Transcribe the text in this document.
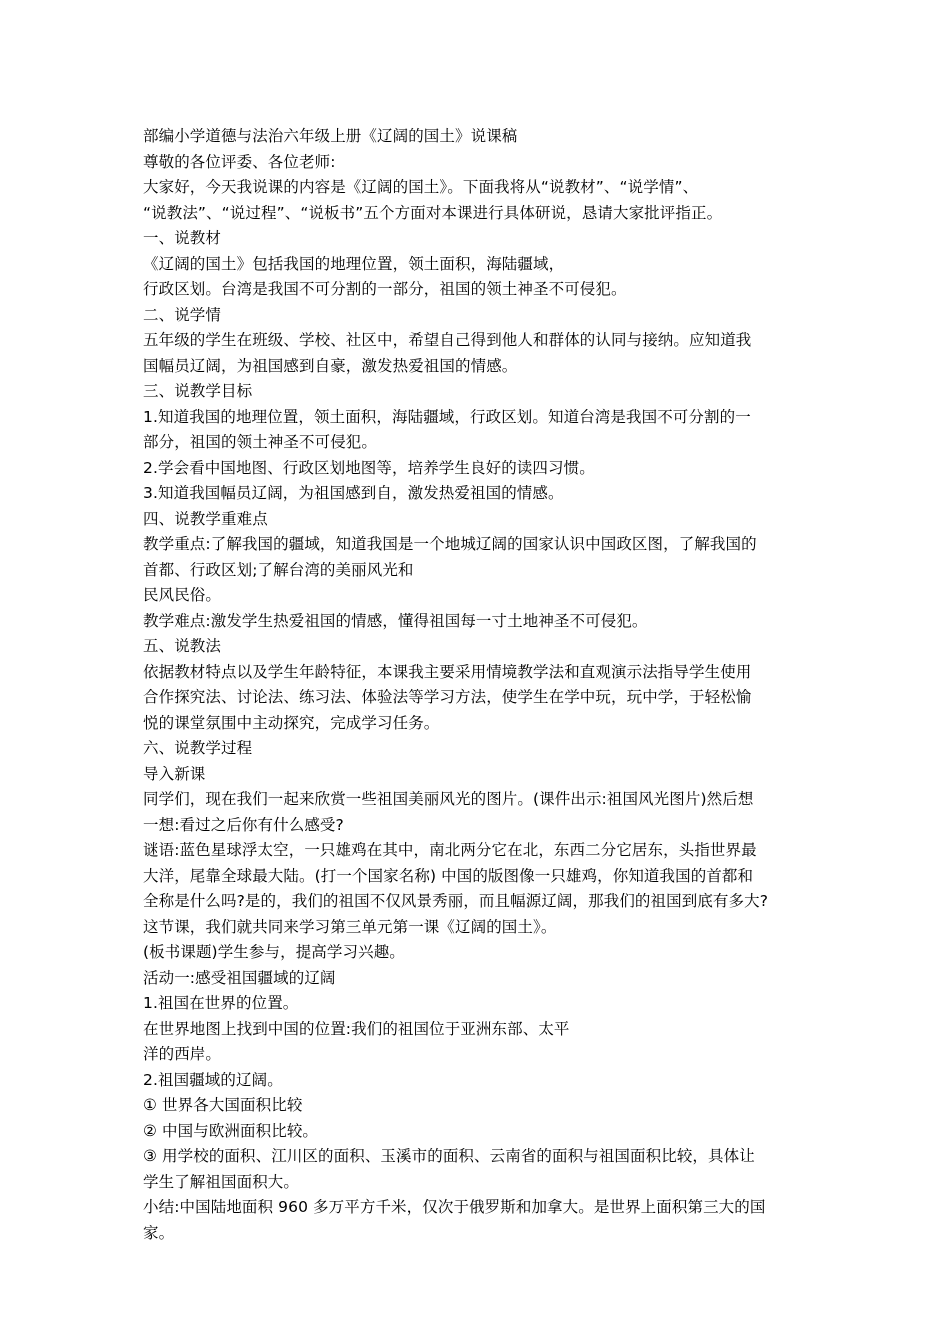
部编小学道德与法治六年级上册《辽阔的国土》说课稿
尊敬的各位评委、各位老师:
大家好，今天我说课的内容是《辽阔的国土》。下面我将从“说教材”、“说学情”、
“说教法”、“说过程”、“说板书”五个方面对本课进行具体研说，恳请大家批评指正。
一、说教材
《辽阔的国土》包括我国的地理位置，领土面积，海陆疆域，
行政区划。台湾是我国不可分割的一部分，祖国的领土神圣不可侵犯。
二、说学情
五年级的学生在班级、学校、社区中，希望自己得到他人和群体的认同与接纳。应知道我
国幅员辽阔，为祖国感到自豪，激发热爱祖国的情感。
三、说教学目标
1.知道我国的地理位置，领土面积，海陆疆域，行政区划。知道台湾是我国不可分割的一
部分，祖国的领土神圣不可侵犯。
2.学会看中国地图、行政区划地图等，培养学生良好的读四习惯。
3.知道我国幅员辽阔，为祖国感到自，激发热爱祖国的情感。
四、说教学重难点
教学重点:了解我国的疆域，知道我国是一个地城辽阔的国家认识中国政区图，了解我国的
首都、行政区划;了解台湾的美丽风光和
民风民俗。
教学难点:激发学生热爱祖国的情感，懂得祖国每一寸土地神圣不可侵犯。
五、说教法
依据教材特点以及学生年龄特征，本课我主要采用情境教学法和直观演示法指导学生使用
合作探究法、讨论法、练习法、体验法等学习方法，使学生在学中玩，玩中学，于轻松愉
悦的课堂氛围中主动探究，完成学习任务。
六、说教学过程
导入新课
同学们，现在我们一起来欣赏一些祖国美丽风光的图片。(课件出示:祖国风光图片)然后想
一想:看过之后你有什么感受?
谜语:蓝色星球浮太空，一只雄鸡在其中，南北两分它在北，东西二分它居东，头指世界最
大洋，尾靠全球最大陆。(打一个国家名称) 中国的版图像一只雄鸡，你知道我国的首都和
全称是什么吗?是的，我们的祖国不仅风景秀丽，而且幅源辽阔，那我们的祖国到底有多大?
这节课，我们就共同来学习第三单元第一课《辽阔的国土》。
(板书课题)学生参与，提高学习兴趣。
活动一:感受祖国疆域的辽阔
1.祖国在世界的位置。
在世界地图上找到中国的位置:我们的祖国位于亚洲东部、太平
洋的西岸。
2.祖国疆域的辽阔。
① 世界各大国面积比较
② 中国与欧洲面积比较。
③ 用学校的面积、江川区的面积、玉溪市的面积、云南省的面积与祖国面积比较，具体让
学生了解祖国面积大。
小结:中国陆地面积 960 多万平方千米，仅次于俄罗斯和加拿大。是世界上面积第三大的国
家。
